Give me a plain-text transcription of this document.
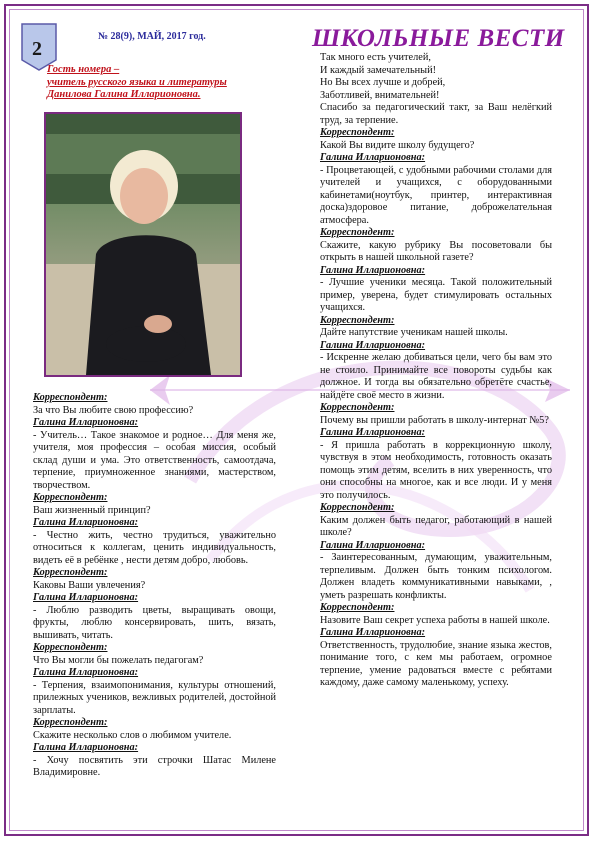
2
№ 28(9), МАЙ, 2017 год.	ШКОЛЬНЫЕ ВЕСТИ
Гость номера –
учитель русского языка и литературы
Данилова Галина Илларионовна.

Корреспондент:

За что Вы любите свою профессию?

Галина Илларионовна:

- Учитель… Такое знакомое и родное… Для меня же, учителя, моя профессия – особая миссия, особый склад души и ума. Это ответственность, самоотдача, терпение, приумноженное знаниями, мастерством, творчеством.

Корреспондент:

Ваш жизненный принцип?

Галина Илларионовна:

- Честно жить, честно трудиться, уважительно относиться к коллегам, ценить индивидуальность, видеть её в ребёнке , нести детям добро, любовь.

Корреспондент:

Каковы Ваши увлечения?

Галина Илларионовна:

- Люблю разводить цветы, выращивать овощи, фрукты, люблю консервировать, шить, вязать, вышивать, читать.

Корреспондент:

Что Вы могли бы пожелать педагогам?

Галина Илларионовна:

- Терпения, взаимопонимания, культуры отношений, прилежных учеников, вежливых родителей, достойной зарплаты.

Корреспондент:

Скажите несколько слов о любимом учителе.

Галина Илларионовна:

- Хочу посвятить эти строчки Шатас Милене Владимировне.

Так много есть учителей,

И каждый замечательный!

Но Вы всех лучше и добрей,

Заботливей, внимательней!

Спасибо за педагогический такт, за Ваш нелёгкий труд, за терпение.

Корреспондент:

Какой Вы видите школу будущего?

Галина Илларионовна:

- Процветающей, с удобными рабочими столами для учителей и учащихся, с оборудованными кабинетами(ноутбук, принтер, интерактивная доска)здоровое питание, доброжелательная атмосфера.

Корреспондент:

Скажите, какую рубрику Вы посоветовали бы открыть в нашей школьной газете?

Галина Илларионовна:

- Лучшие ученики месяца. Такой положительный пример, уверена, будет стимулировать остальных учащихся.

Корреспондент:

Дайте напутствие ученикам нашей школы.

Галина Илларионовна:

- Искренне желаю добиваться цели, чего бы вам это не стоило. Принимайте все повороты судьбы как должное. И тогда вы обязательно обретёте счастье, найдёте своё место в жизни.

Корреспондент:

Почему вы пришли работать в школу-интернат №5?

Галина Илларионовна:

- Я пришла работать в коррекционную школу, чувствуя в этом необходимость, готовность оказать помощь этим детям, вселить в них уверенность, что они способны на многое, как и все люди. И у меня это получилось.

Корреспондент:

Каким должен быть педагог, работающий в нашей школе?

Галина Илларионовна:

- Заинтересованным, думающим, уважительным, терпеливым. Должен быть тонким психологом. Должен владеть коммуникативными навыками, , уметь разрешать конфликты.

Корреспондент:

Назовите Ваш секрет успеха работы в нашей школе.

Галина Илларионовна:

Ответственность, трудолюбие, знание языка жестов, понимание того, с кем мы работаем, огромное терпение, умение радоваться вместе с ребятами каждому, даже самому маленькому, успеху.
